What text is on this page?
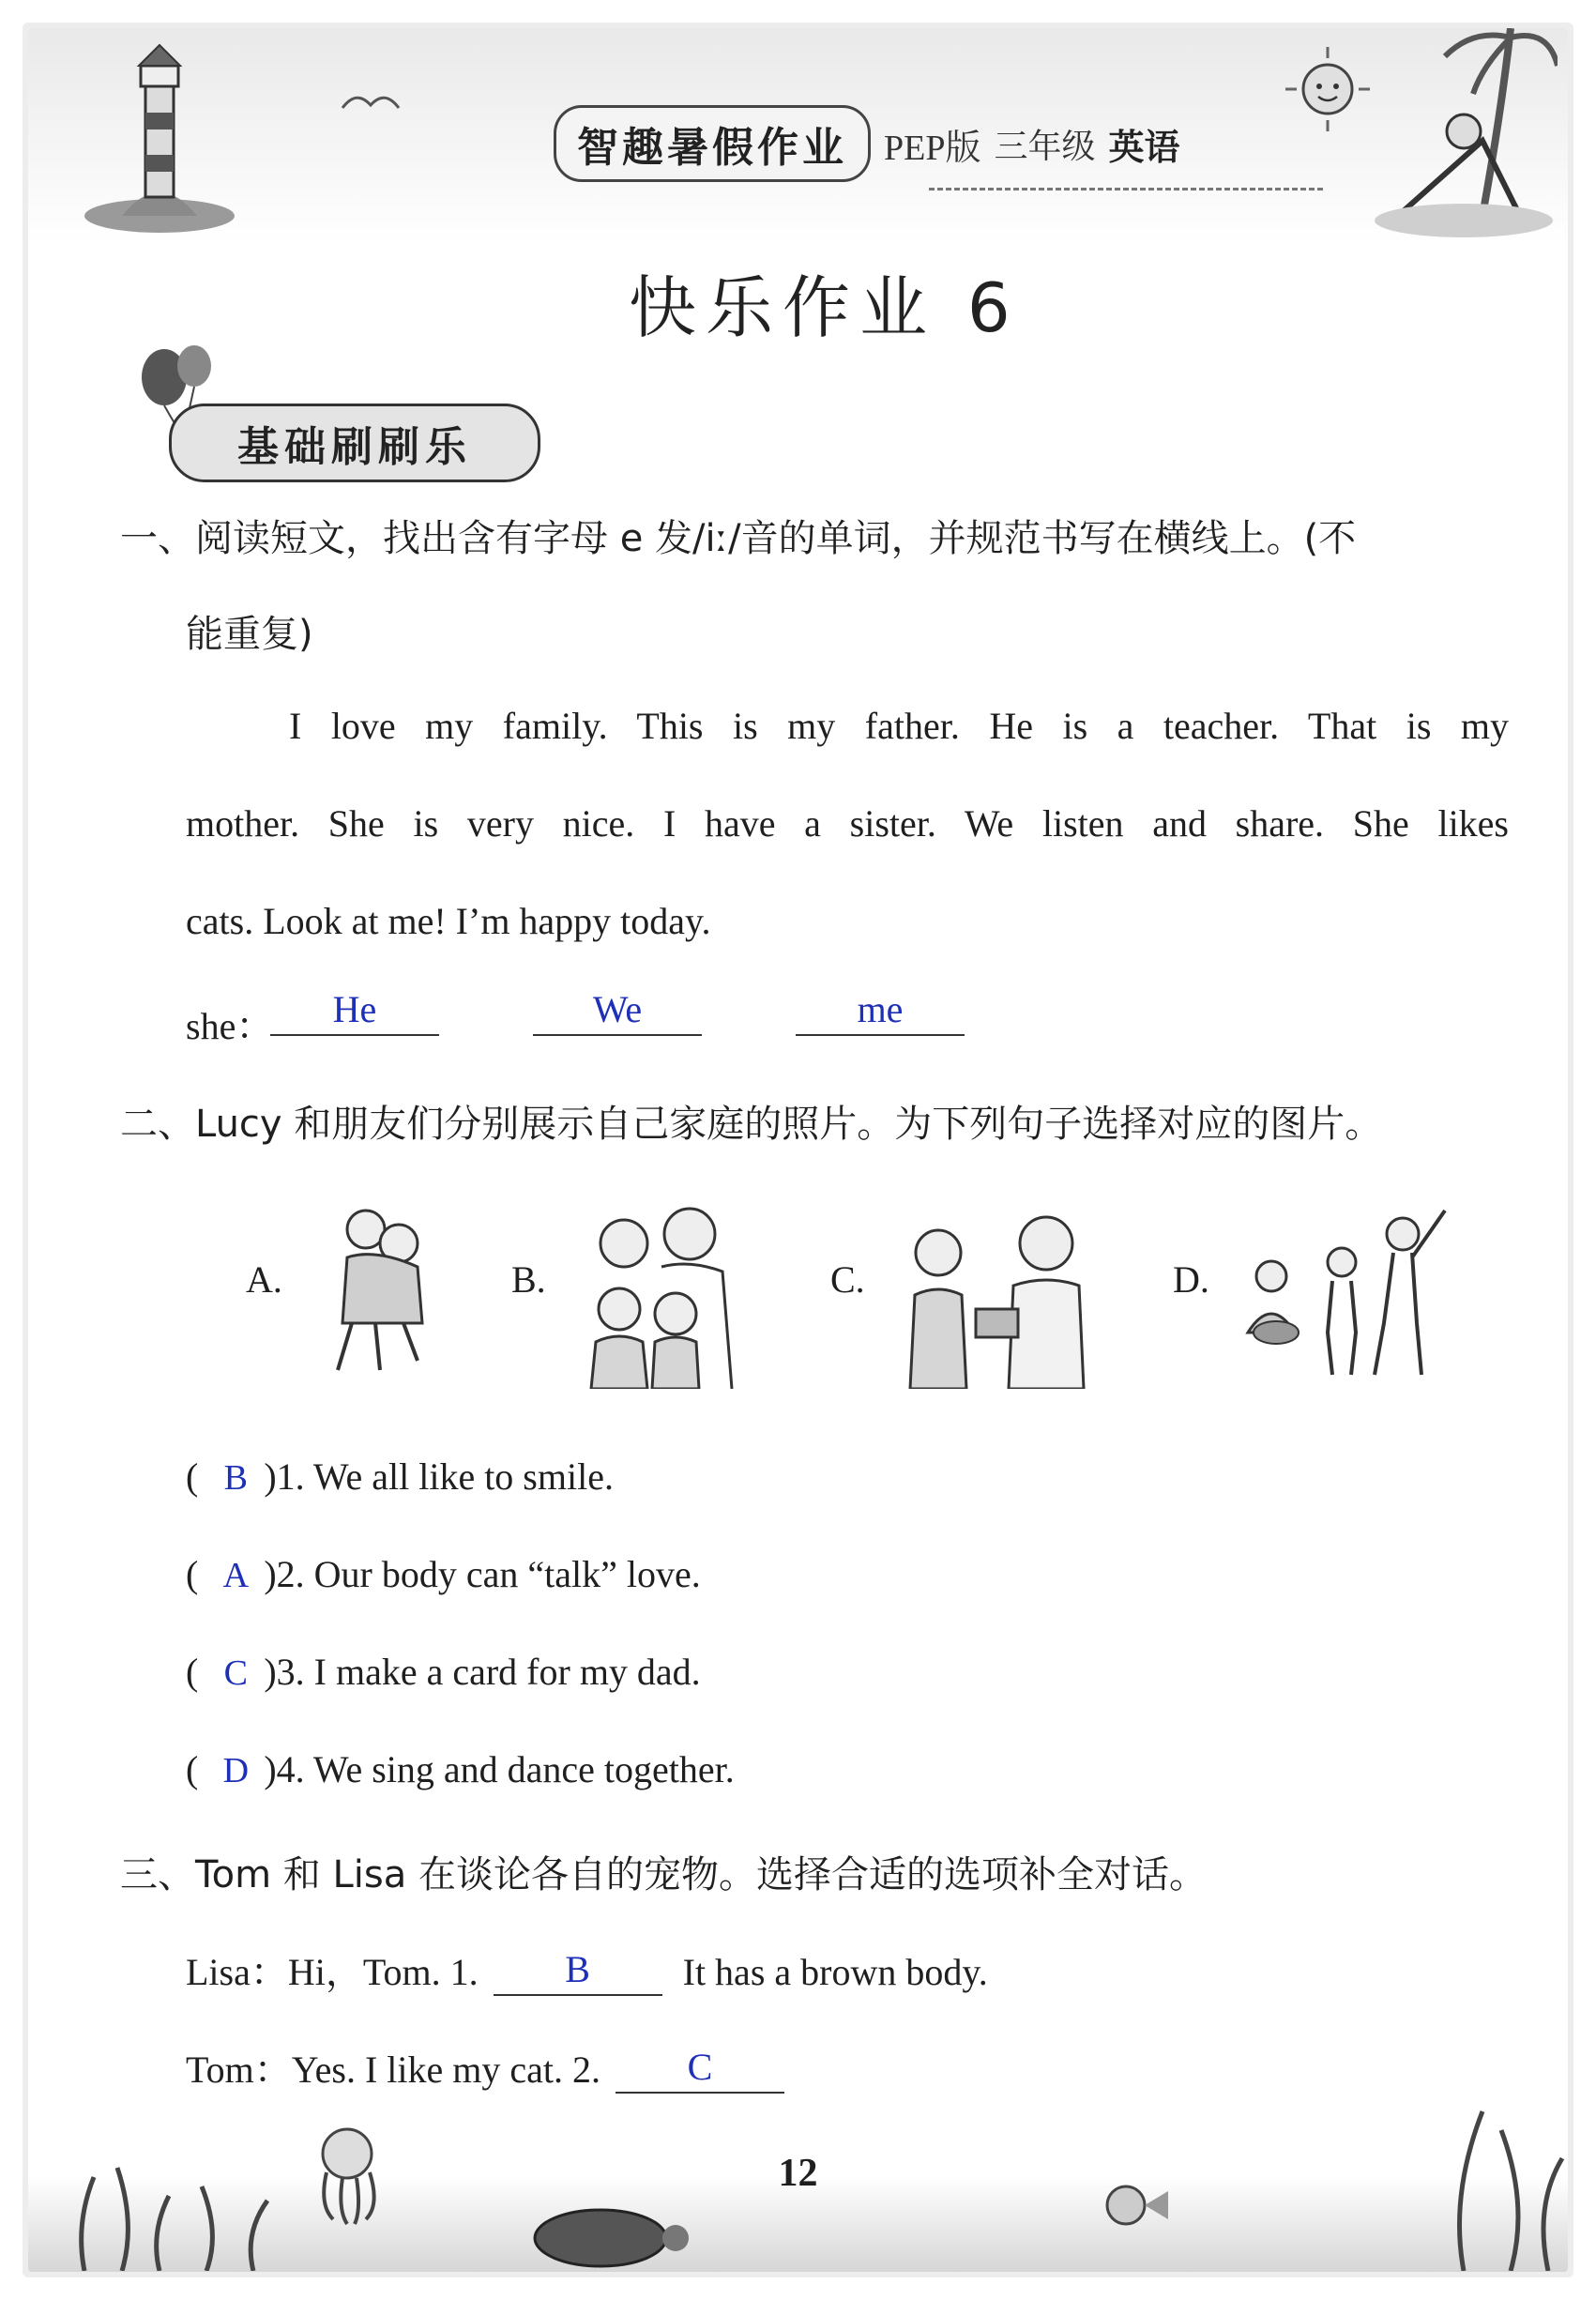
智趣暑假作业	PEP版 三年级 英语
快乐作业 6
基础刷刷乐
一、阅读短文，找出含有字母 e 发/iː/音的单词，并规范书写在横线上。(不
能重复)
I love my family. This is my father. He is a teacher. That is my
mother. She is very nice. I have a sister. We listen and share. She likes
cats. Look at me! I’m happy today.
she：	He	We	me
二、Lucy 和朋友们分别展示自己家庭的照片。为下列句子选择对应的图片。
A.	B.	C.	D.
( B )1. We all like to smile.
( A )2. Our body can “talk” love.
( C )3. I make a card for my dad.
( D )4. We sing and dance together.
三、Tom 和 Lisa 在谈论各自的宠物。选择合适的选项补全对话。
Lisa：Hi，Tom. 1. B It has a brown body.
Tom：Yes. I like my cat. 2. C
12
